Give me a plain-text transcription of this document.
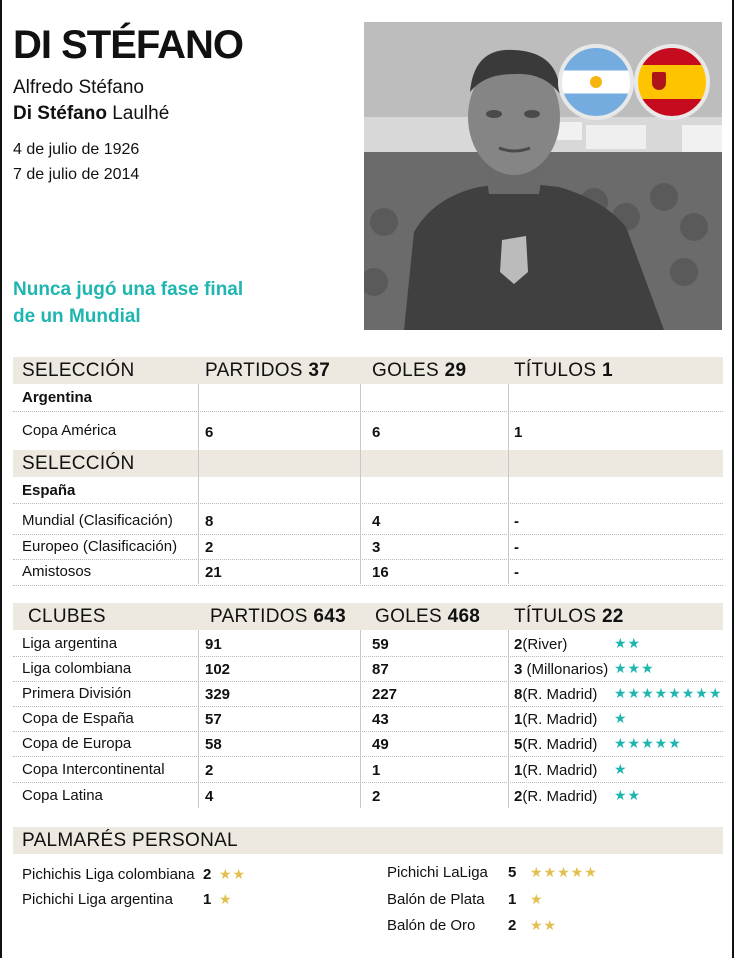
DI STÉFANO
Alfredo Stéfano
Di Stéfano Laulhé
4 de julio de 1926
7 de julio de 2014
Nunca jugó una fase final
de un Mundial
SELECCIÓN	PARTIDOS 37 GOLES 29	TÍTULOS 1
Argentina
Copa América	6	6	1
SELECCIÓN
España
Mundial (Clasificación) 8	4	-
Europeo (Clasificación) 2	3	-
Amistosos	21	16	-
CLUBES	PARTIDOS 643 GOLES 468 TÍTULOS 22
Liga argentina	91	59	2(River)	★★
Liga colombiana	102	87	3 (Millonarios) ★★★
Primera División	329	227	8(R. Madrid) ★★★★★★★★
Copa de España	57	43	1(R. Madrid) ★
Copa de Europa	58	49	5(R. Madrid) ★★★★★
Copa Intercontinental	2	1	1(R. Madrid) ★
Copa Latina	4	2	2(R. Madrid) ★★
PALMARÉS PERSONAL
Pichichis Liga colombiana 2 ★★
Pichichi Liga argentina 1 ★
Pichichi LaLiga 5 ★★★★★
Balón de Plata 1 ★
Balón de Oro 2 ★★
